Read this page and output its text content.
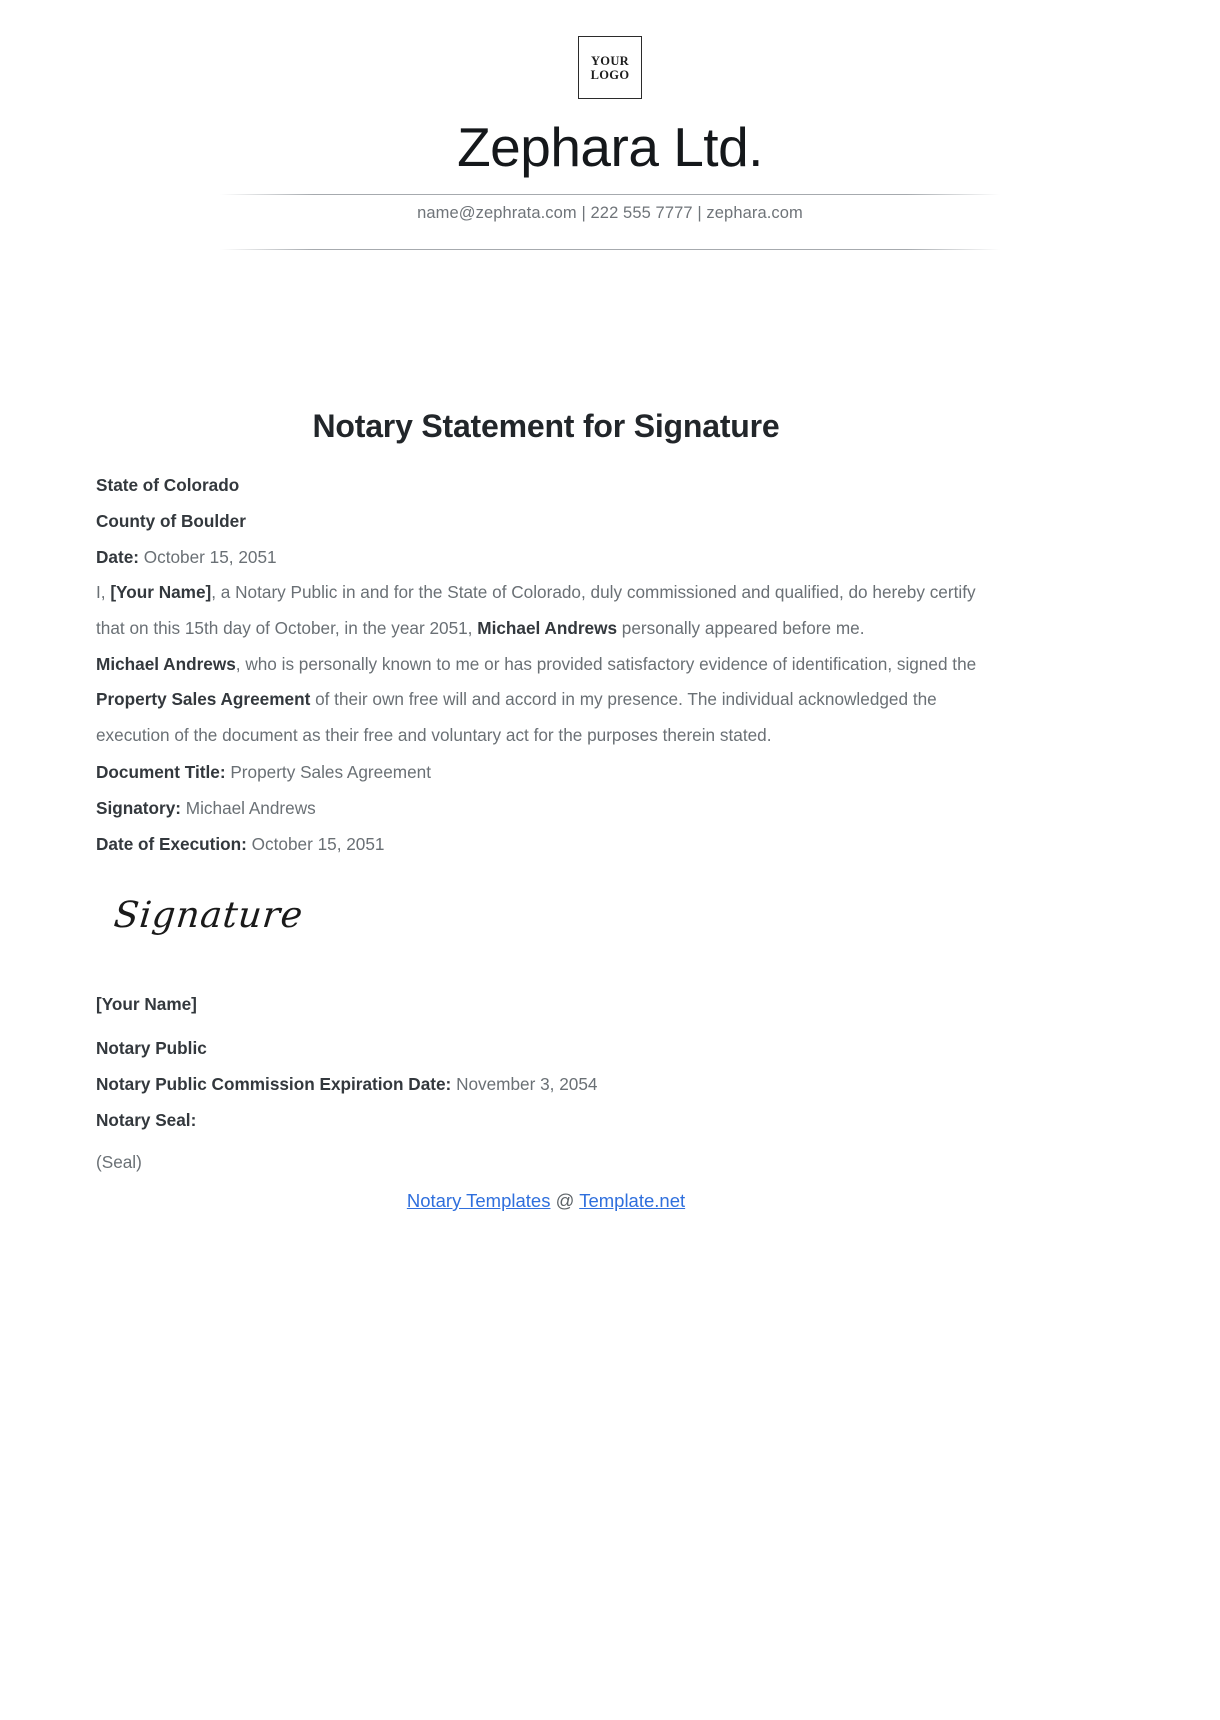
YOUR
LOGO
Zephara Ltd.
name@zephrata.com | 222 555 7777 | zephara.com
Notary Statement for Signature

State of Colorado

County of Boulder

Date: October 15, 2051

I, [Your Name], a Notary Public in and for the State of Colorado, duly commissioned and qualified, do hereby certify that on this 15th day of October, in the year 2051, Michael Andrews personally appeared before me.

Michael Andrews, who is personally known to me or has provided satisfactory evidence of identification, signed the Property Sales Agreement of their own free will and accord in my presence. The individual acknowledged the execution of the document as their free and voluntary act for the purposes therein stated.

Document Title: Property Sales Agreement

Signatory: Michael Andrews

Date of Execution: October 15, 2051

Signature

[Your Name]

Notary Public

Notary Public Commission Expiration Date: November 3, 2054

Notary Seal:

(Seal)

Notary Templates @ Template.net
